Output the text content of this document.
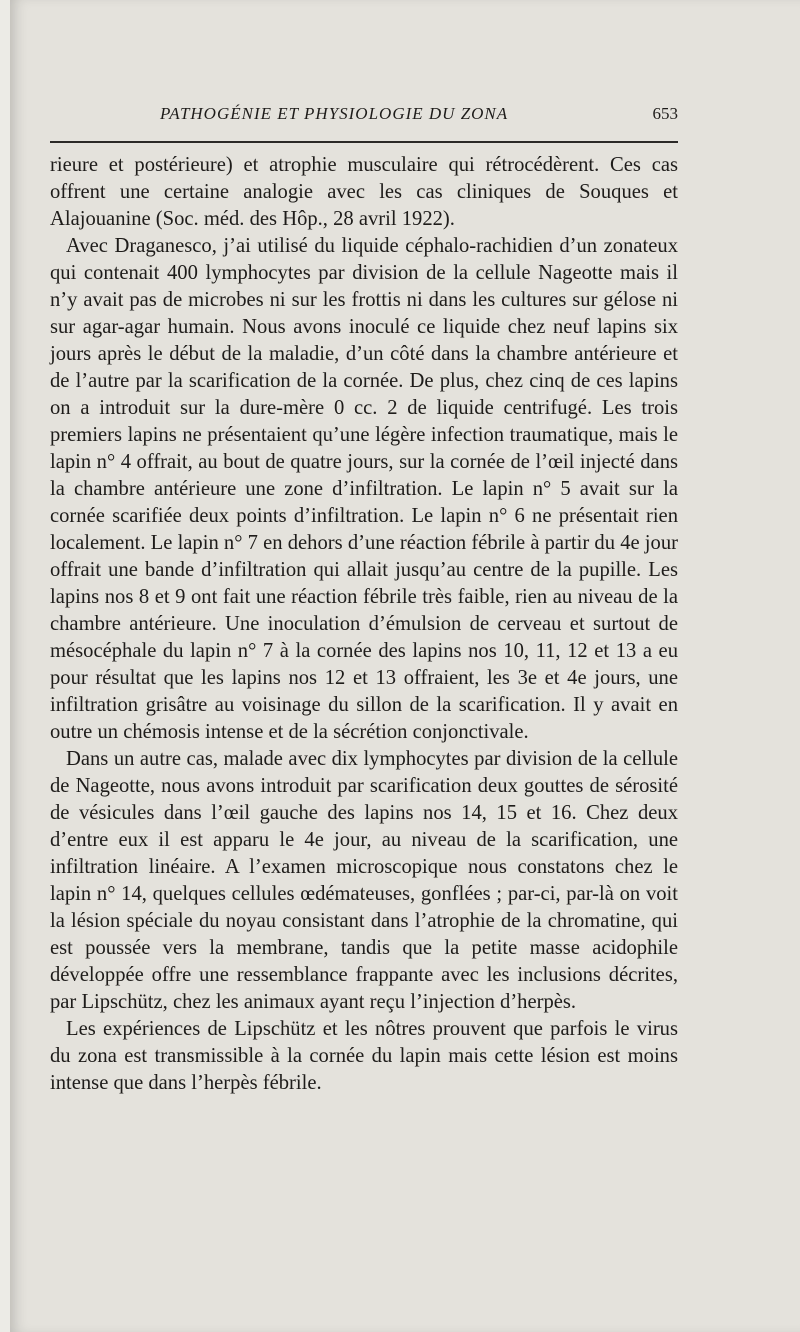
PATHOGÉNIE ET PHYSIOLOGIE DU ZONA	653

rieure et postérieure) et atrophie musculaire qui rétrocédèrent. Ces cas offrent une certaine analogie avec les cas cliniques de Souques et Alajouanine (Soc. méd. des Hôp., 28 avril 1922).

Avec Draganesco, j’ai utilisé du liquide céphalo-rachidien d’un zonateux qui contenait 400 lymphocytes par division de la cellule Nageotte mais il n’y avait pas de microbes ni sur les frottis ni dans les cultures sur gélose ni sur agar-agar humain. Nous avons inoculé ce liquide chez neuf lapins six jours après le début de la maladie, d’un côté dans la chambre antérieure et de l’autre par la scarification de la cornée. De plus, chez cinq de ces lapins on a introduit sur la dure-mère 0 cc. 2 de liquide centrifugé. Les trois premiers lapins ne présentaient qu’une légère infection traumatique, mais le lapin n° 4 offrait, au bout de quatre jours, sur la cornée de l’œil injecté dans la chambre antérieure une zone d’infiltration. Le lapin n° 5 avait sur la cornée scarifiée deux points d’infiltration. Le lapin n° 6 ne présentait rien localement. Le lapin n° 7 en dehors d’une réaction fébrile à partir du 4e jour offrait une bande d’infiltration qui allait jusqu’au centre de la pupille. Les lapins nos 8 et 9 ont fait une réaction fébrile très faible, rien au niveau de la chambre antérieure. Une inoculation d’émulsion de cerveau et surtout de mésocéphale du lapin n° 7 à la cornée des lapins nos 10, 11, 12 et 13 a eu pour résultat que les lapins nos 12 et 13 offraient, les 3e et 4e jours, une infiltration grisâtre au voisinage du sillon de la scarification. Il y avait en outre un chémosis intense et de la sécrétion conjonctivale.

Dans un autre cas, malade avec dix lymphocytes par division de la cellule de Nageotte, nous avons introduit par scarification deux gouttes de sérosité de vésicules dans l’œil gauche des lapins nos 14, 15 et 16. Chez deux d’entre eux il est apparu le 4e jour, au niveau de la scarification, une infiltration linéaire. A l’examen microscopique nous constatons chez le lapin n° 14, quelques cellules œdémateuses, gonflées ; par-ci, par-là on voit la lésion spéciale du noyau consistant dans l’atrophie de la chromatine, qui est poussée vers la membrane, tandis que la petite masse acidophile développée offre une ressemblance frappante avec les inclusions décrites, par Lipschütz, chez les animaux ayant reçu l’injection d’herpès.

Les expériences de Lipschütz et les nôtres prouvent que parfois le virus du zona est transmissible à la cornée du lapin mais cette lésion est moins intense que dans l’herpès fébrile.
